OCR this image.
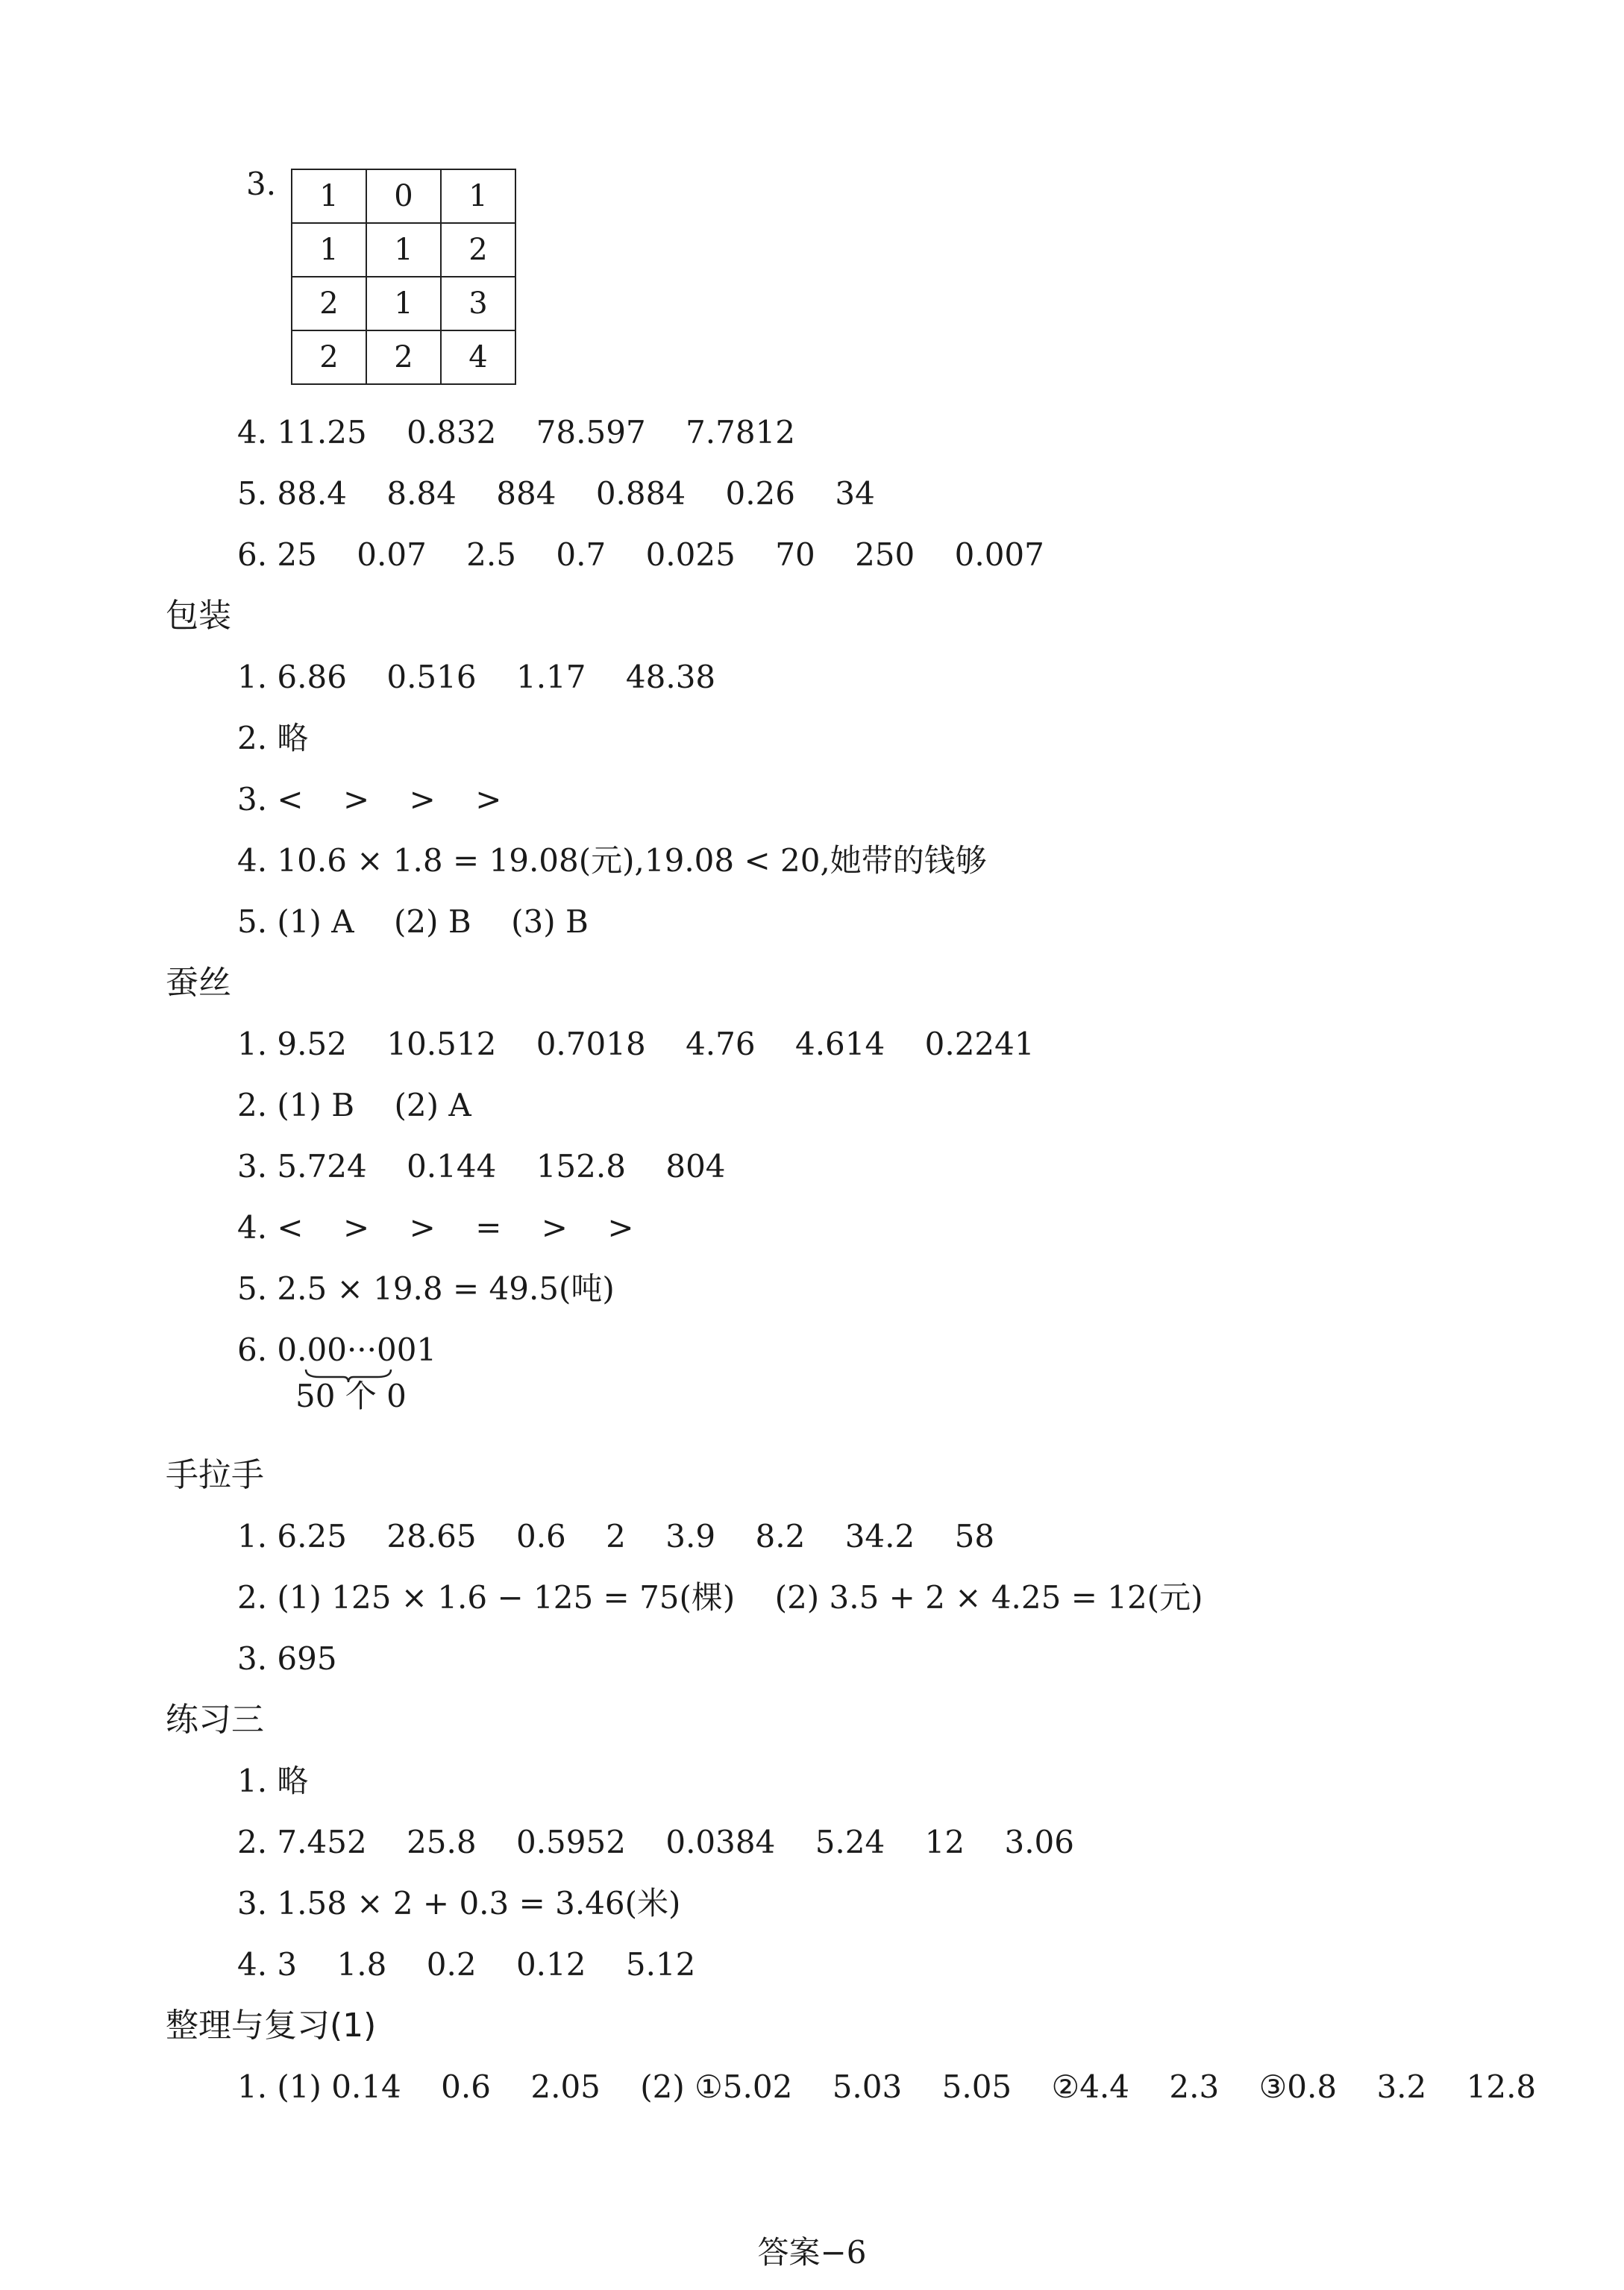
3. 1	0	1
1	1	2
2	1	3
2	2	4
4. 11.25    0.832    78.597    7.7812
5. 88.4    8.84    884    0.884    0.26    34
6. 25    0.07    2.5    0.7    0.025    70    250    0.007
包装
1. 6.86    0.516    1.17    48.38
2. 略
3. <    >    >    >
4. 10.6 × 1.8 = 19.08(元),19.08 < 20,她带的钱够
5. (1) A    (2) B    (3) B
蚕丝
1. 9.52    10.512    0.7018    4.76    4.614    0.2241
2. (1) B    (2) A
3. 5.724    0.144    152.8    804
4. <    >    >    =    >    >
5. 2.5 × 19.8 = 49.5(吨)
6. 0.00···001
50 个 0
手拉手
1. 6.25    28.65    0.6    2    3.9    8.2    34.2    58
2. (1) 125 × 1.6 − 125 = 75(棵)    (2) 3.5 + 2 × 4.25 = 12(元)
3. 695
练习三
1. 略
2. 7.452    25.8    0.5952    0.0384    5.24    12    3.06
3. 1.58 × 2 + 0.3 = 3.46(米)
4. 3    1.8    0.2    0.12    5.12
整理与复习(1)
1. (1) 0.14    0.6    2.05    (2) ①5.02    5.03    5.05    ②4.4    2.3    ③0.8    3.2    12.8
答案−6
